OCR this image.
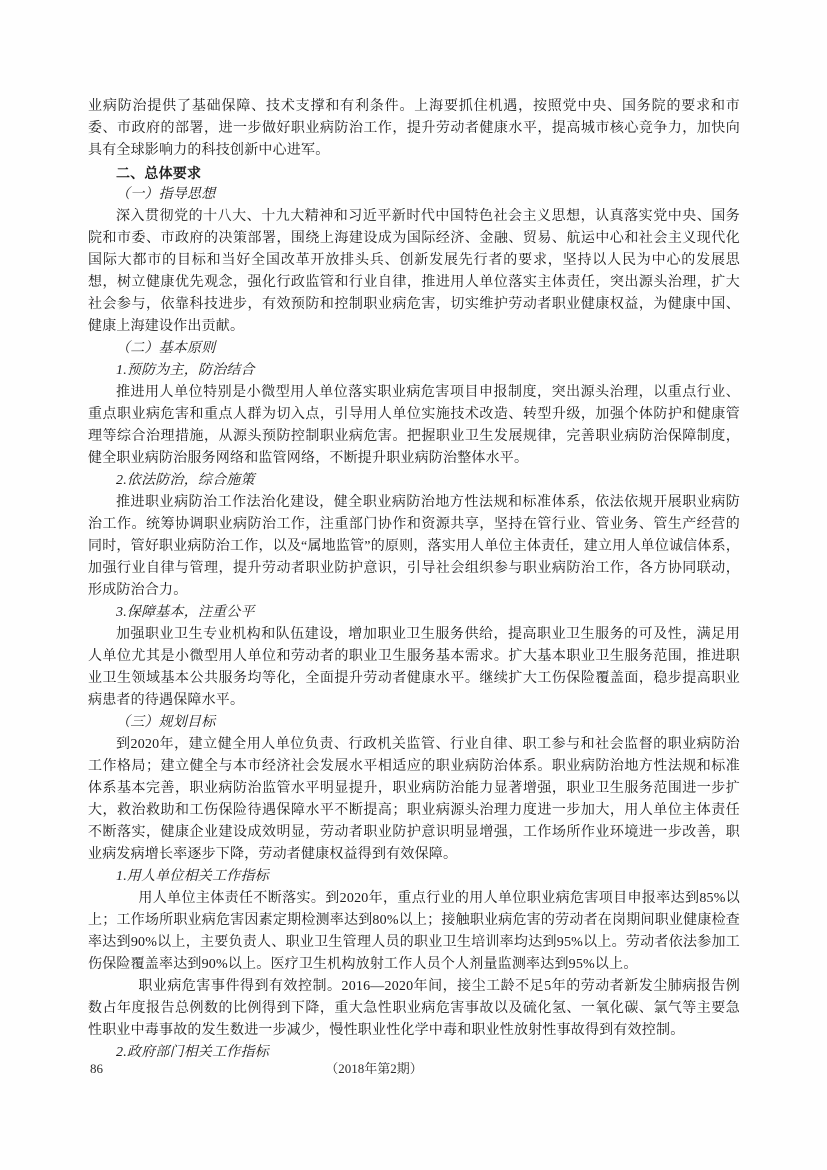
业病防治提供了基础保障、技术支撑和有利条件。上海要抓住机遇，按照党中央、国务院的要求和市委、市政府的部署，进一步做好职业病防治工作，提升劳动者健康水平，提高城市核心竞争力，加快向具有全球影响力的科技创新中心进军。

二、总体要求

（一）指导思想

深入贯彻党的十八大、十九大精神和习近平新时代中国特色社会主义思想，认真落实党中央、国务院和市委、市政府的决策部署，围绕上海建设成为国际经济、金融、贸易、航运中心和社会主义现代化国际大都市的目标和当好全国改革开放排头兵、创新发展先行者的要求，坚持以人民为中心的发展思想，树立健康优先观念，强化行政监管和行业自律，推进用人单位落实主体责任，突出源头治理，扩大社会参与，依靠科技进步，有效预防和控制职业病危害，切实维护劳动者职业健康权益，为健康中国、健康上海建设作出贡献。

（二）基本原则

1.预防为主，防治结合

推进用人单位特别是小微型用人单位落实职业病危害项目申报制度，突出源头治理，以重点行业、重点职业病危害和重点人群为切入点，引导用人单位实施技术改造、转型升级，加强个体防护和健康管理等综合治理措施，从源头预防控制职业病危害。把握职业卫生发展规律，完善职业病防治保障制度，健全职业病防治服务网络和监管网络，不断提升职业病防治整体水平。

2.依法防治，综合施策

推进职业病防治工作法治化建设，健全职业病防治地方性法规和标准体系，依法依规开展职业病防治工作。统筹协调职业病防治工作，注重部门协作和资源共享，坚持在管行业、管业务、管生产经营的同时，管好职业病防治工作，以及“属地监管”的原则，落实用人单位主体责任，建立用人单位诚信体系，加强行业自律与管理，提升劳动者职业防护意识，引导社会组织参与职业病防治工作，各方协同联动，形成防治合力。

3.保障基本，注重公平

加强职业卫生专业机构和队伍建设，增加职业卫生服务供给，提高职业卫生服务的可及性，满足用人单位尤其是小微型用人单位和劳动者的职业卫生服务基本需求。扩大基本职业卫生服务范围，推进职业卫生领域基本公共服务均等化，全面提升劳动者健康水平。继续扩大工伤保险覆盖面，稳步提高职业病患者的待遇保障水平。

（三）规划目标

到2020年，建立健全用人单位负责、行政机关监管、行业自律、职工参与和社会监督的职业病防治工作格局；建立健全与本市经济社会发展水平相适应的职业病防治体系。职业病防治地方性法规和标准体系基本完善，职业病防治监管水平明显提升，职业病防治能力显著增强，职业卫生服务范围进一步扩大，救治救助和工伤保险待遇保障水平不断提高；职业病源头治理力度进一步加大，用人单位主体责任不断落实，健康企业建设成效明显，劳动者职业防护意识明显增强，工作场所作业环境进一步改善，职业病发病增长率逐步下降，劳动者健康权益得到有效保障。

1.用人单位相关工作指标

用人单位主体责任不断落实。到2020年，重点行业的用人单位职业病危害项目申报率达到85%以上；工作场所职业病危害因素定期检测率达到80%以上；接触职业病危害的劳动者在岗期间职业健康检查率达到90%以上，主要负责人、职业卫生管理人员的职业卫生培训率均达到95%以上。劳动者依法参加工伤保险覆盖率达到90%以上。医疗卫生机构放射工作人员个人剂量监测率达到95%以上。

职业病危害事件得到有效控制。2016—2020年间，接尘工龄不足5年的劳动者新发尘肺病报告例数占年度报告总例数的比例得到下降，重大急性职业病危害事故以及硫化氢、一氧化碳、氯气等主要急性职业中毒事故的发生数进一步减少，慢性职业性化学中毒和职业性放射性事故得到有效控制。

2.政府部门相关工作指标

86	（2018年第2期）
